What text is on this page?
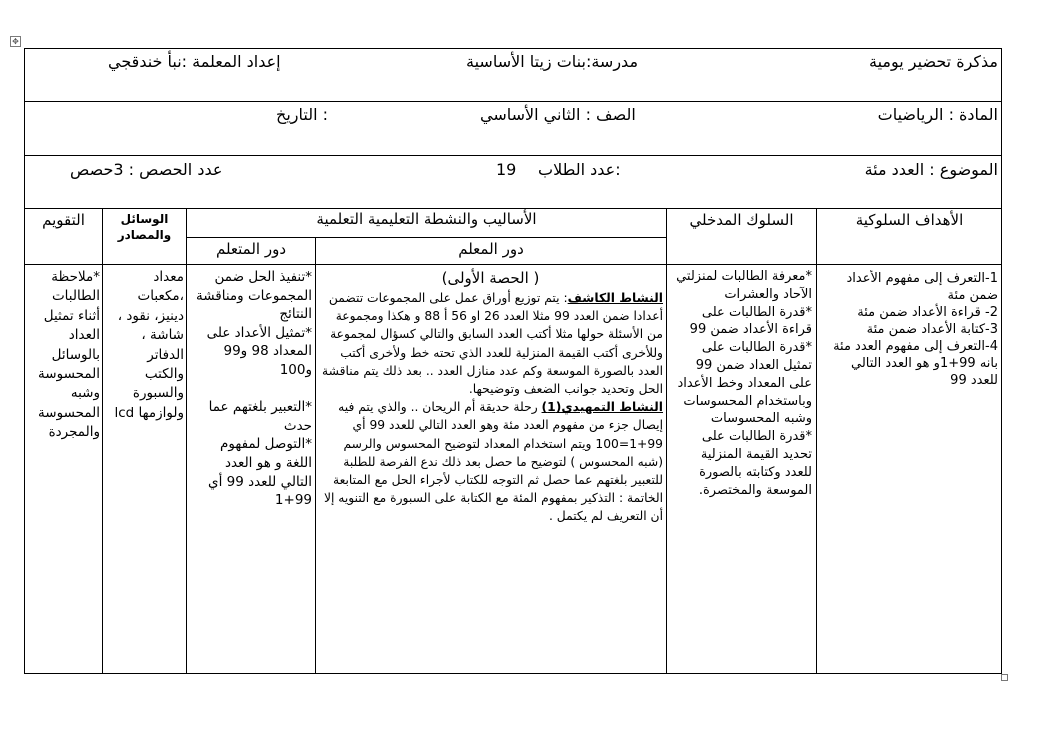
✥
مذكرة تحضير يومية
مدرسة:بنات زيتا الأساسية
إعداد المعلمة :نبأ خندقجي
المادة : الرياضيات
الصف : الثاني الأساسي
التاريخ :
الموضوع : العدد مئة
عدد الطلاب:
19
عدد الحصص : 3حصص
الأهداف السلوكية
السلوك المدخلي
الأساليب والنشطة التعليمية التعلمية
دور المعلم
دور المتعلم
الوسائل والمصادر
التقويم
1-التعرف إلى مفهوم الأعداد ضمن مئة
2- قراءة الأعداد ضمن مئة
3-كتابة الأعداد ضمن مئة
4-التعرف إلى مفهوم العدد مئة بانه 99+1و هو العدد التالي للعدد 99
*معرفة الطالبات لمنزلتي الآحاد والعشرات
*قدرة الطالبات على قراءة الأعداد ضمن 99
*قدرة الطالبات على تمثيل العداد ضمن 99 على المعداد وخط الأعداد وباستخدام المحسوسات وشبه المحسوسات
*قدرة الطالبات على تحديد القيمة المنزلية للعدد وكتابته بالصورة الموسعة والمختصرة.
( الحصة الأولى)
النشاط الكاشف: يتم توزيع أوراق عمل على المجموعات تتضمن أعدادا ضمن العدد 99 مثلا العدد 26 او 56 أ 88 و هكذا ومجموعة من الأسئلة حولها مثلا أكتب العدد السابق والتالي كسؤال لمجموعة وللأخرى أكتب القيمة المنزلية للعدد الذي تحته خط ولأخرى أكتب العدد بالصورة الموسعة وكم عدد منازل العدد .. بعد ذلك يتم مناقشة الحل وتحديد جوانب الضعف وتوضيحها.
النشاط التمهيدي(1) رحلة حديقة أم الريحان .. والذي يتم فيه إيصال جزء من مفهوم العدد مئة وهو العدد التالي للعدد 99 أي 99+1=100 ويتم استخدام المعداد لتوضيح المحسوس والرسم (شبه المحسوس ) لتوضيح ما حصل بعد ذلك ندع الفرصة للطلبة للتعبير بلغتهم عما حصل ثم التوجه للكتاب لأجراء الحل مع المتابعة
الخاتمة : التذكير بمفهوم المئة مع الكتابة على السبورة مع التنويه إلا أن التعريف لم يكتمل .
*تنفيذ الحل ضمن المجموعات ومناقشة النتائج
*تمثيل الأعداد على المعداد 98 و99 و100

*التعبير بلغتهم عما حدث
*التوصل لمفهوم اللغة و هو العدد التالي للعدد 99 أي 99+1
معداد ،مكعبات دينيز، نقود ، شاشة ، الدفاتر والكتب والسبورة ولوازمها lcd
*ملاحظة الطالبات أثناء تمثيل العداد بالوسائل المحسوسة وشبه المحسوسة والمجردة
